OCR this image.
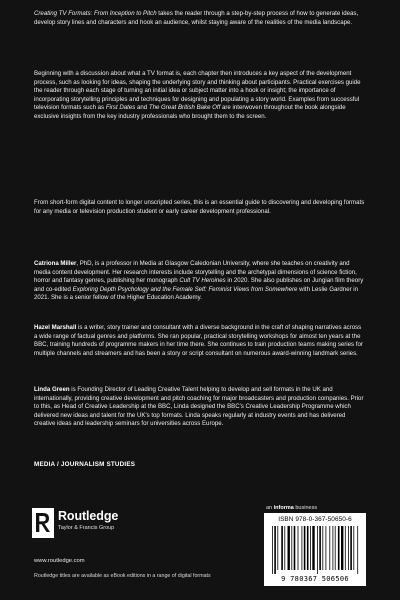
Creating TV Formats: From Inception to Pitch takes the reader through a step-by-step process of how to generate ideas, develop story lines and characters and hook an audience, whilst staying aware of the realities of the media landscape.

Beginning with a discussion about what a TV format is, each chapter then introduces a key aspect of the development process, such as looking for ideas, shaping the underlying story and thinking about participants. Practical exercises guide the reader through each stage of turning an initial idea or subject matter into a hook or insight; the importance of incorporating storytelling principles and techniques for designing and populating a story world. Examples from successful television formats such as First Dates and The Great British Bake Off are interwoven throughout the book alongside exclusive insights from the key industry professionals who brought them to the screen.

From short-form digital content to longer unscripted series, this is an essential guide to discovering and developing formats for any media or television production student or early career development professional.

Catriona Miller, PhD, is a professor in Media at Glasgow Caledonian University, where she teaches on creativity and media content development. Her research interests include storytelling and the archetypal dimensions of science fiction, horror and fantasy genres, publishing her monograph Cult TV Heroines in 2020. She also publishes on Jungian film theory and co-edited Exploring Depth Psychology and the Female Self: Feminist Views from Somewhere with Leslie Gardner in 2021. She is a senior fellow of the Higher Education Academy.

Hazel Marshall is a writer, story trainer and consultant with a diverse background in the craft of shaping narratives across a wide range of factual genres and platforms. She ran popular, practical storytelling workshops for almost ten years at the BBC, training hundreds of programme makers in her time there. She continues to train production teams making series for multiple channels and streamers and has been a story or script consultant on numerous award-winning landmark series.

Linda Green is Founding Director of Leading Creative Talent helping to develop and sell formats in the UK and internationally, providing creative development and pitch coaching for major broadcasters and production companies. Prior to this, as Head of Creative Leadership at the BBC, Linda designed the BBC's Creative Leadership Programme which delivered new ideas and talent for the UK's top formats. Linda speaks regularly at industry events and has delivered creative ideas and leadership seminars for universities across Europe.

MEDIA / JOURNALISM STUDIES
Routledge
Taylor & Francis Group
www.routledge.com
Routledge titles are available as eBook editions in a range of digital formats
an informa business
ISBN 978-0-367-50650-6
9 780367 506506
